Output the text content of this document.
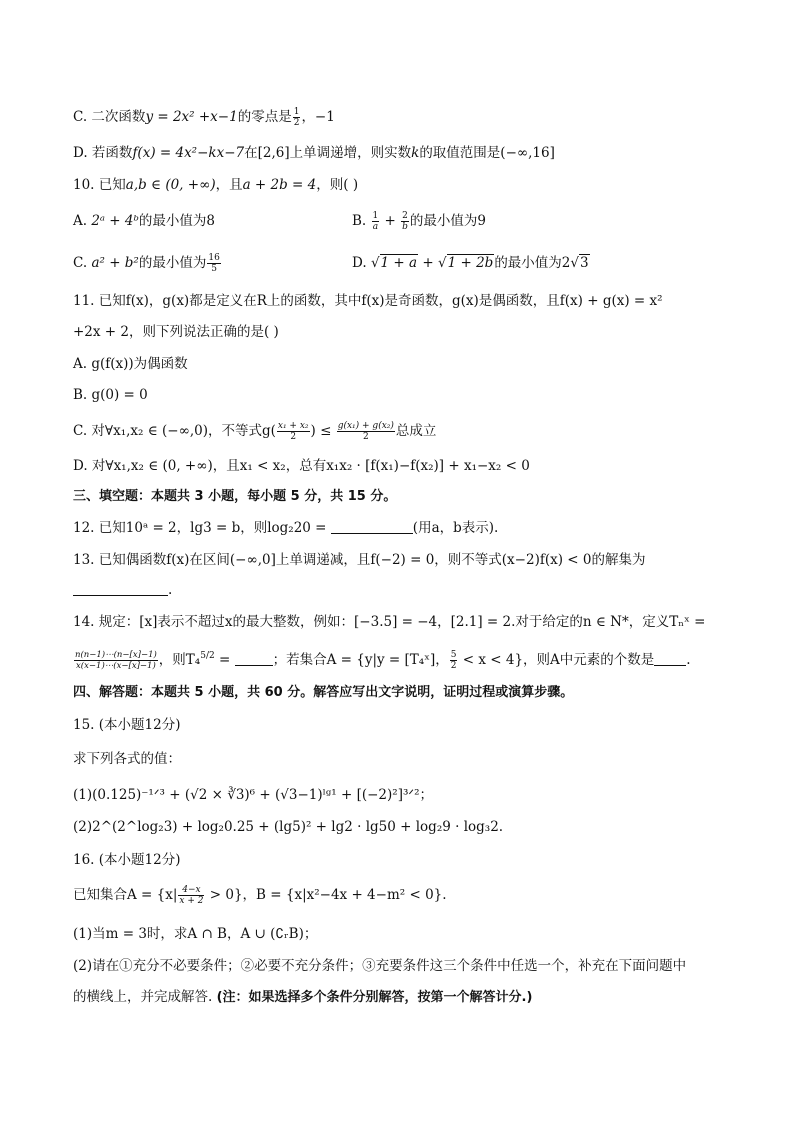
C. 二次函数y = 2x² +x−1的零点是 $\frac{1}{2}$ ，−1
D. 若函数f(x) = 4x²−kx−7在[2,6]上单调递增，则实数k的取值范围是(−∞,16]
10. 已知a,b ∈ (0, +∞)，且a + 2b = 4，则( )
A. 2ᵃ + 4ᵇ的最小值为8	B. $\frac{1}{a} + \frac{2}{b}$ 的最小值为9
C. a² + b²的最小值为 $\frac{16}{5}$	D. √1 + a + √1 + 2b的最小值为2√3
11. 已知f(x)，g(x)都是定义在R上的函数，其中f(x)是奇函数，g(x)是偶函数，且f(x) + g(x) = x²
+2x + 2，则下列说法正确的是( )
A. g(f(x))为偶函数
B. g(0) = 0
C. 对∀x₁,x₂ ∈ (−∞,0)，不等式$g( \frac{\text{x₁ + x₂}}{2}$ ) ≤ $\frac{\text{g(x₁) + g(x₂)}}{2}$ 总成立
D. 对∀x₁,x₂ ∈ (0, +∞)，且x₁ < x₂，总有x₁x₂ · [f(x₁)−f(x₂)] + x₁−x₂ < 0
三、填空题：本题共 3 小题，每小题 5 分，共 15 分。
12. 已知10ᵃ = 2，lg3 = b，则log₂20 =	(用a，b表示).
13. 已知偶函数f(x)在区间(−∞,0]上单调递减，且f(−2) = 0，则不等式(x−2)f(x) < 0的解集为
.
14. 规定：[x]表示不超过x的最大整数，例如：[−3.5] = −4，[2.1] = 2.对于给定的n ∈ N*，定义Tₙˣ =
$\frac{n(n-1)\cdots(n-[x]-1)}{x(x-1)\cdots(x-[x]-1)}$ ，则T₄$^{5/2}$ =	；若集合A = {y|y = [T₄ˣ]， $\frac{5}{2} < x < 4$}，则A中元素的个数是 .
四、解答题：本题共 5 小题，共 60 分。解答应写出文字说明，证明过程或演算步骤。
15. (本小题12分)
求下列各式的值：
(1)(0.125)⁻¹ᐟ³ + (√2 × ∛3)⁶ + (√3−1)ˡᵍ¹ + [(−2)²]³ᐟ²；
(2)2^(2^log₂3) + log₂0.25 + (lg5)² + lg2 · lg50 + log₂9 · log₃2.
16. (本小题12分)
已知集合$A = \{x| \frac{4-x}{x + 2} > 0\}$，B = {x|x²−4x + 4−m² < 0}.
(1)当m = 3时，求A ∩ B，A ∪ (∁ᵣB)；
(2)请在①充分不必要条件；②必要不充分条件；③充要条件这三个条件中任选一个，补充在下面问题中
的横线上，并完成解答. (注：如果选择多个条件分别解答，按第一个解答计分.)
